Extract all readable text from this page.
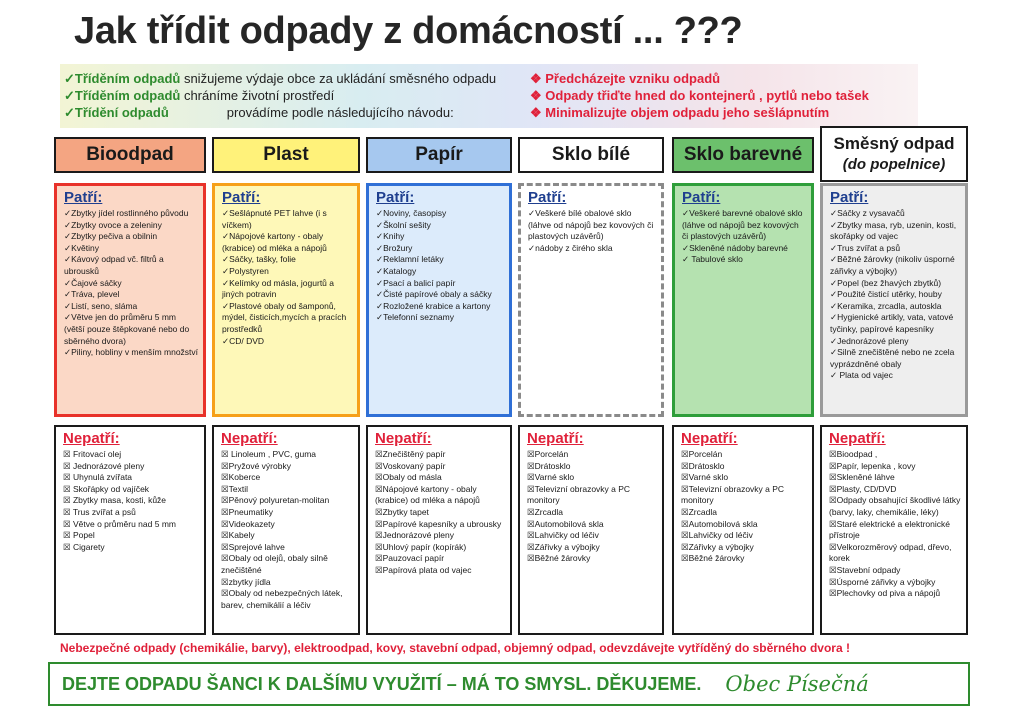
Jak třídit odpady z domácností ... ???
✓Tříděním odpadů snižujeme výdaje obce za ukládání směsného odpadu
✓Tříděním odpadů chráníme životní prostředí
✓Třídění odpadů	provádíme podle následujícího návodu:
❖ Předcházejte vzniku odpadů
❖ Odpady třiďte hned do kontejnerů , pytlů nebo tašek
❖ Minimalizujte objem odpadu jeho sešlápnutím
Bioodpad	Plast	Papír	Sklo bílé	Sklo barevné
Směsný odpad
(do popelnice)
Patří:
✓Zbytky jídel rostlinného původu
✓Zbytky ovoce a zeleniny
✓Zbytky pečiva a obilnin
✓Květiny
✓Kávový odpad vč. filtrů a ubrousků
✓Čajové sáčky
✓Tráva, plevel
✓Listí, seno, sláma
✓Větve jen do průměru 5 mm (větší pouze štěpkované nebo do sběrného dvora)
✓Piliny, hobliny v menším množství
Patří:
✓Sešlápnuté PET lahve (i s víčkem)
✓Nápojové kartony - obaly (krabice) od mléka a nápojů
✓Sáčky, tašky, folie
✓Polystyren
✓Kelímky od másla, jogurtů a jiných potravin
✓Plastové obaly od šamponů, mýdel, čisticích,mycích a pracích prostředků
✓CD/ DVD
Patří:
✓Noviny, časopisy
✓Školní sešity
✓Knihy
✓Brožury
✓Reklamní letáky
✓Katalogy
✓Psací a balicí papír
✓Čisté papírové obaly a sáčky
✓Rozložené krabice a kartony
✓Telefonní seznamy
Patří:
✓Veškeré bílé obalové sklo (láhve od nápojů bez kovových či plastových uzávěrů)
✓nádoby z čirého skla
Patří:
✓Veškeré barevné obalové sklo (láhve od nápojů bez kovových či plastových uzávěrů)
✓Skleněné nádoby barevné
✓ Tabulové sklo
Patří:
✓Sáčky z vysavačů
✓Zbytky masa, ryb, uzenin, kosti, skořápky od vajec
✓Trus zvířat a psů
✓Běžné žárovky (nikoliv úsporné zářivky a výbojky)
✓Popel (bez žhavých zbytků)
✓Použité čisticí utěrky, houby
✓Keramika, zrcadla, autoskla
✓Hygienické artikly, vata, vatové tyčinky, papírové kapesníky
✓Jednorázové pleny
✓Silně znečištěné nebo ne zcela vyprázdněné obaly
✓ Plata od vajec
Nepatří:
☒ Fritovací olej
☒ Jednorázové pleny
☒ Uhynulá zvířata
☒ Skořápky od vajíček
☒ Zbytky masa, kosti, kůže
☒ Trus zvířat a psů
☒ Větve o průměru nad 5 mm
☒ Popel
☒ Cigarety
Nepatří:
☒ Linoleum , PVC, guma
☒Pryžové výrobky
☒Koberce
☒Textil
☒Pěnový polyuretan-molitan
☒Pneumatiky
☒Videokazety
☒Kabely
☒Sprejové lahve
☒Obaly od olejů, obaly silně znečištěné
☒zbytky jídla
☒Obaly od nebezpečných látek, barev, chemikálií a léčiv
Nepatří:
☒Znečištěný papír
☒Voskovaný papír
☒Obaly od másla
☒Nápojové kartony - obaly (krabice) od mléka a nápojů
☒Zbytky tapet
☒Papírové kapesníky a ubrousky
☒Jednorázové pleny
☒Uhlový papír (kopírák)
☒Pauzovací papír
☒Papírová plata od vajec
Nepatří:
☒Porcelán
☒Drátosklo
☒Varné sklo
☒Televizní obrazovky a PC monitory
☒Zrcadla
☒Automobilová skla
☒Lahvičky od léčiv
☒Zářivky a výbojky
☒Běžné žárovky
Nepatří:
☒Porcelán
☒Drátosklo
☒Varné sklo
☒Televizní obrazovky a PC monitory
☒Zrcadla
☒Automobilová skla
☒Lahvičky od léčiv
☒Zářivky a výbojky
☒Běžné žárovky
Nepatří:
☒Bioodpad ,
☒Papír, lepenka , kovy
☒Skleněné láhve
☒Plasty, CD/DVD
☒Odpady obsahující škodlivé látky (barvy, laky, chemikálie, léky)
☒Staré elektrické a elektronické přístroje
☒Velkorozměrový odpad, dřevo, korek
☒Stavební odpady
☒Úsporné zářivky a výbojky
☒Plechovky od piva a nápojů
Nebezpečné odpady (chemikálie, barvy), elektroodpad, kovy, stavební odpad, objemný odpad, odevzdávejte vytříděný do sběrného dvora !
DEJTE ODPADU ŠANCI K DALŠÍMU VYUŽITÍ – MÁ TO SMYSL. DĚKUJEME. Obec Písečná
